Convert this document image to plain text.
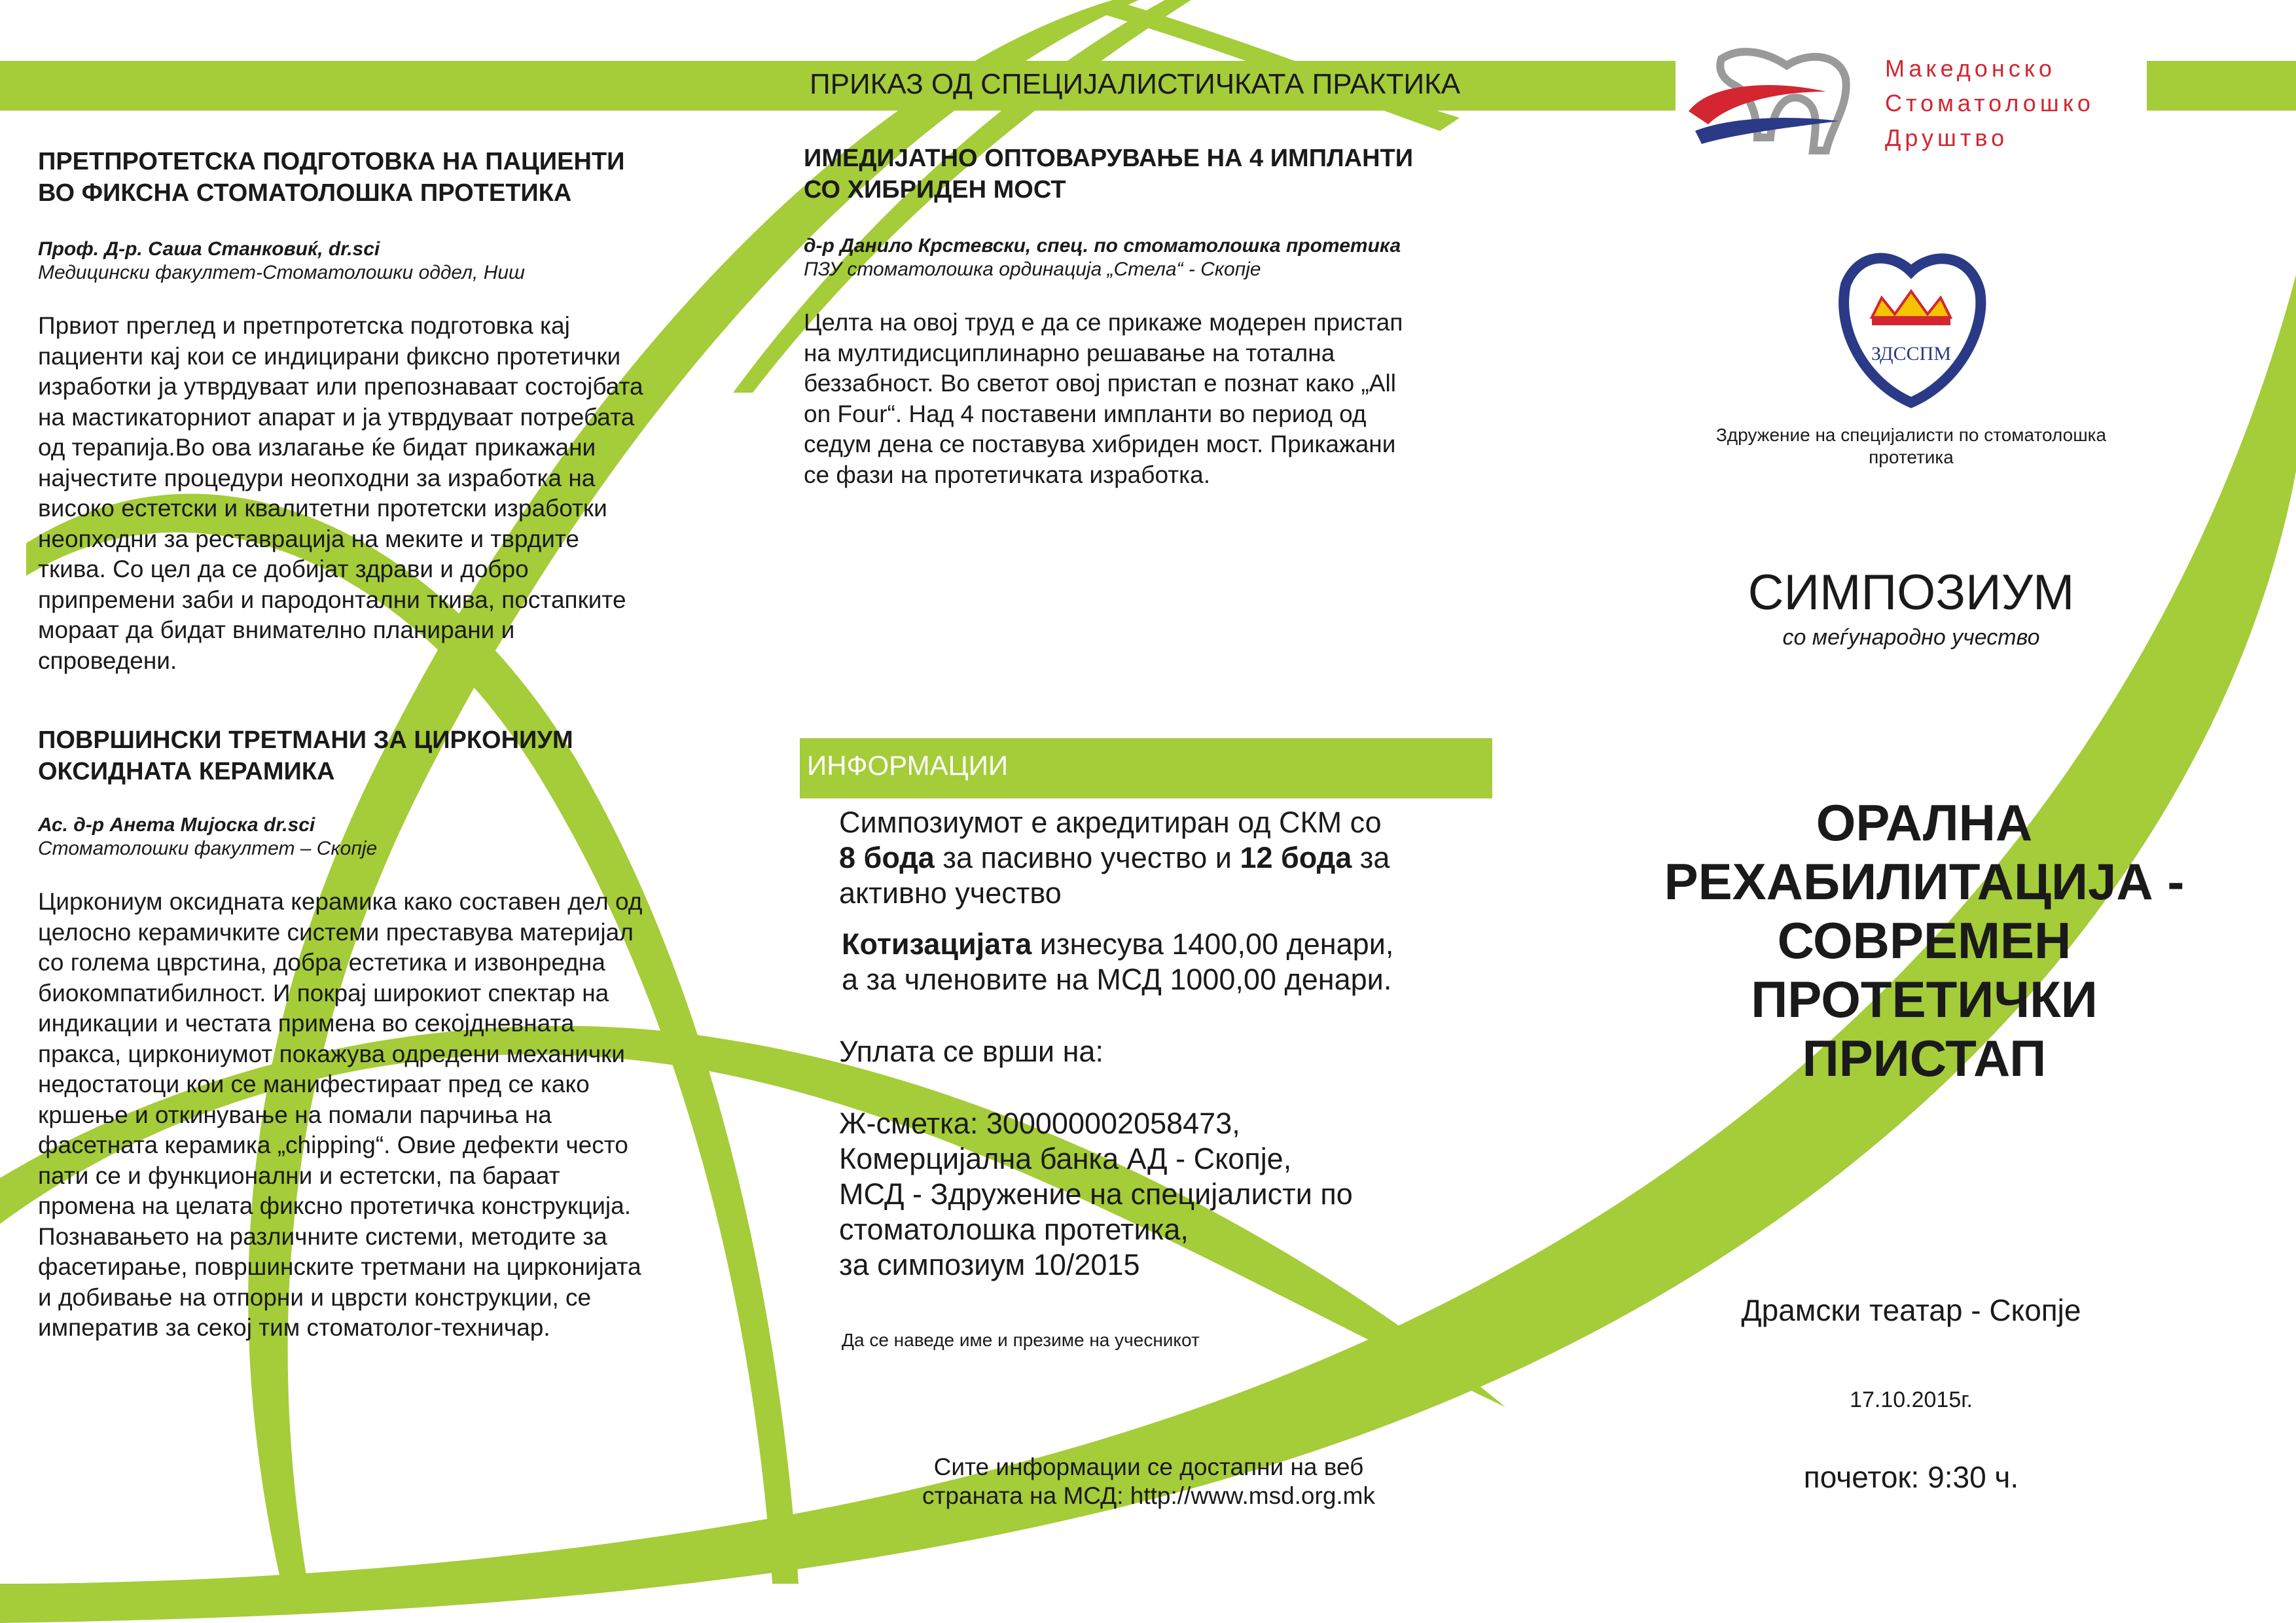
ПРИКАЗ ОД СПЕЦИЈАЛИСТИЧКАТА ПРАКТИКА	Македонско
Стоматолошко
Друштво
ЗДССПМ
Здружение на специјалисти по стоматолошка
протетика

ПРЕТПРОТЕТСКА ПОДГОТОВКА НА ПАЦИЕНТИ

ВО ФИКСНА СТОМАТОЛОШКА ПРОТЕТИКА

Проф. Д-р. Саша Станковиќ, dr.sci

Медицински факултет-Стоматолошки оддел, Ниш

Првиот преглед и претпротетска подготовка кај

пациенти кај кои се индицирани фиксно протетички

изработки ја утврдуваат или препознаваат состојбата

на мастикаторниот апарат и ја утврдуваат потребата

од терапија.Во ова излагање ќе бидат прикажани

најчестите процедури неопходни за изработка на

високо естетски и квалитетни протетски изработки

неопходни за реставрација на меките и тврдите

ткива. Со цел да се добијат здрави и добро

припремени заби и пародонтални ткива, постапките

мораат да бидат внимателно планирани и

спроведени.

ПОВРШИНСКИ ТРЕТМАНИ ЗА ЦИРКОНИУМ

ОКСИДНАТА КЕРАМИКА

Ас. д-р Анета Мијоска dr.sci

Стоматолошки факултет – Скопје

Циркониум оксидната керамика како составен дел од

целосно керамичките системи преставува материјал

со голема цврстина, добра естетика и извонредна

биокомпатибилност. И покрај широкиот спектар на

индикации и честата примена во секојдневната

пракса, циркониумот покажува одредени механички

недостатоци кои се манифестираат пред се како

кршење и откинување на помали парчиња на

фасетната керамика „chipping“. Овие дефекти често

пати се и функционални и естетски, па бараат

промена на целата фиксно протетичка конструкција.

Познавањето на различните системи, методите за

фасетирање, површинските третмани на цирконијата

и добивање на отпорни и цврсти конструкции, се

императив за секој тим стоматолог-техничар.

ИМЕДИЈАТНО ОПТОВАРУВАЊЕ НА 4 ИМПЛАНТИ

СО ХИБРИДЕН МОСТ

д-р Данило Крстевски, спец. по стоматолошка протетика

ПЗУ стоматолошка ординација „Стела“ - Скопје

Целта на овој труд е да се прикаже модерен пристап

на мултидисциплинарно решавање на тотална

беззабност. Во светот овој пристап е познат како „All

on Four“. Над 4 поставени импланти во период од

седум дена се поставува хибриден мост. Прикажани

се фази на протетичката изработка.

ИНФОРМАЦИИ

Симпозиумот е акредитиран од СКМ со

8 бода за пасивно учество и 12 бода за

активно учество

Котизацијата изнесува 1400,00 денари,

а за членовите на МСД 1000,00 денари.

Уплата се врши на:

Ж-сметка: 300000002058473,

Комерцијална банка АД - Скопје,

МСД - Здружение на специјалисти по

стоматолошка протетика,

за симпозиум 10/2015

Да се наведе име и презиме на учесникот
Сите информации се достапни на веб
страната на МСД: http://www.msd.org.mk
СИМПОЗИУМ
со меѓународно учество
ОРАЛНА
РЕХАБИЛИТАЦИЈА -
СОВРЕМЕН
ПРОТЕТИЧКИ
ПРИСТАП
Драмски театар - Скопје
17.10.2015г.
почеток: 9:30 ч.
